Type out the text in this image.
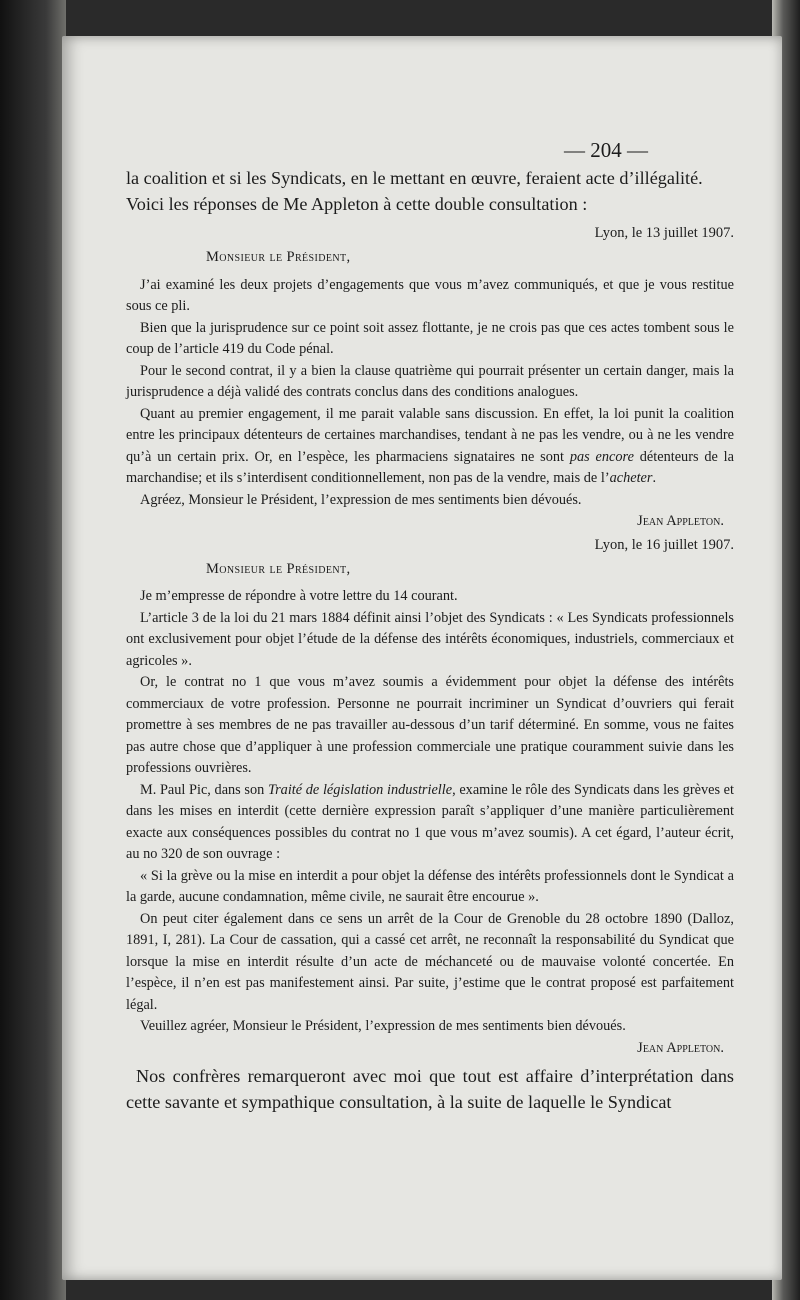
— 204 —

la coalition et si les Syndicats, en le mettant en œuvre, feraient acte d’illégalité.

Voici les réponses de Me Appleton à cette double consultation :

Lyon, le 13 juillet 1907.
Monsieur le Président,

J’ai examiné les deux projets d’engagements que vous m’avez communiqués, et que je vous restitue sous ce pli.

Bien que la jurisprudence sur ce point soit assez flottante, je ne crois pas que ces actes tombent sous le coup de l’article 419 du Code pénal.

Pour le second contrat, il y a bien la clause quatrième qui pourrait présenter un certain danger, mais la jurisprudence a déjà validé des contrats conclus dans des conditions analogues.

Quant au premier engagement, il me parait valable sans discussion. En effet, la loi punit la coalition entre les principaux détenteurs de certaines marchandises, tendant à ne pas les vendre, ou à ne les vendre qu’à un certain prix. Or, en l’espèce, les pharmaciens signataires ne sont pas encore détenteurs de la marchandise; et ils s’interdisent conditionnellement, non pas de la vendre, mais de l’acheter.

Agréez, Monsieur le Président, l’expression de mes sentiments bien dévoués.

Jean Appleton.
Lyon, le 16 juillet 1907.
Monsieur le Président,

Je m’empresse de répondre à votre lettre du 14 courant.

L’article 3 de la loi du 21 mars 1884 définit ainsi l’objet des Syndicats : « Les Syndicats professionnels ont exclusivement pour objet l’étude de la défense des intérêts économiques, industriels, commerciaux et agricoles ».

Or, le contrat no 1 que vous m’avez soumis a évidemment pour objet la défense des intérêts commerciaux de votre profession. Personne ne pourrait incriminer un Syndicat d’ouvriers qui ferait promettre à ses membres de ne pas travailler au-dessous d’un tarif déterminé. En somme, vous ne faites pas autre chose que d’appliquer à une profession commerciale une pratique couramment suivie dans les professions ouvrières.

M. Paul Pic, dans son Traité de législation industrielle, examine le rôle des Syndicats dans les grèves et dans les mises en interdit (cette dernière expression paraît s’appliquer d’une manière particulièrement exacte aux conséquences possibles du contrat no 1 que vous m’avez soumis). A cet égard, l’auteur écrit, au no 320 de son ouvrage :

« Si la grève ou la mise en interdit a pour objet la défense des intérêts professionnels dont le Syndicat a la garde, aucune condamnation, même civile, ne saurait être encourue ».

On peut citer également dans ce sens un arrêt de la Cour de Grenoble du 28 octobre 1890 (Dalloz, 1891, I, 281). La Cour de cassation, qui a cassé cet arrêt, ne reconnaît la responsabilité du Syndicat que lorsque la mise en interdit résulte d’un acte de méchanceté ou de mauvaise volonté concertée. En l’espèce, il n’en est pas manifestement ainsi. Par suite, j’estime que le contrat proposé est parfaitement légal.

Veuillez agréer, Monsieur le Président, l’expression de mes sentiments bien dévoués.

Jean Appleton.

Nos confrères remarqueront avec moi que tout est affaire d’interprétation dans cette savante et sympathique consultation, à la suite de laquelle le Syndicat
